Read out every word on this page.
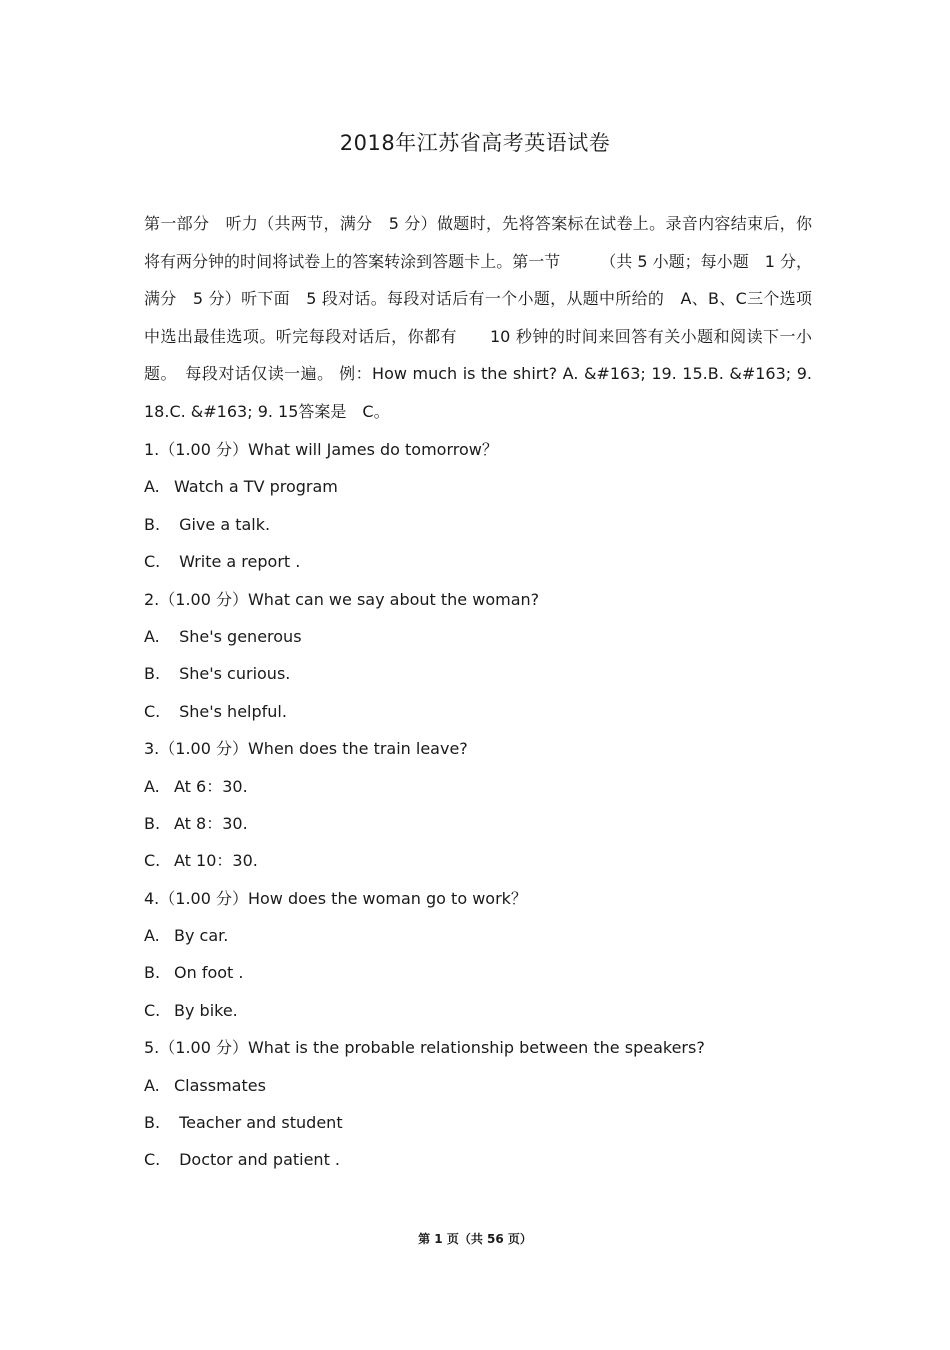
2018年江苏省高考英语试卷
第一部分　听力（共两节，满分　5 分）做题时，先将答案标在试卷上。录音内容结束后，你将有两分钟的时间将试卷上的答案转涂到答题卡上。第一节　　　（共 5 小题；每小题　1 分，满分　5 分）听下面　5 段对话。每段对话后有一个小题，从题中所给的　A、B、C三个选项中选出最佳选项。听完每段对话后，你都有　　10 秒钟的时间来回答有关小题和阅读下一小题。　每段对话仅读一遍。 例：How much is the shirt? A. &#163; 19. 15.B. &#163; 9. 18.C. &#163; 9. 15答案是　C。
1.（1.00 分）What will James do tomorrow？
A. Watch a TV program
B. Give a talk.
C. Write a report .
2.（1.00 分）What can we say about the woman?
A. She's generous
B. She's curious.
C. She's helpful.
3.（1.00 分）When does the train leave?
A. At 6：30.
B. At 8：30.
C. At 10：30.
4.（1.00 分）How does the woman go to work？
A. By car.
B. On foot .
C. By bike.
5.（1.00 分）What is the probable relationship between the speakers?
A. Classmates
B. Teacher and student
C. Doctor and patient .
第 1 页（共 56 页）
